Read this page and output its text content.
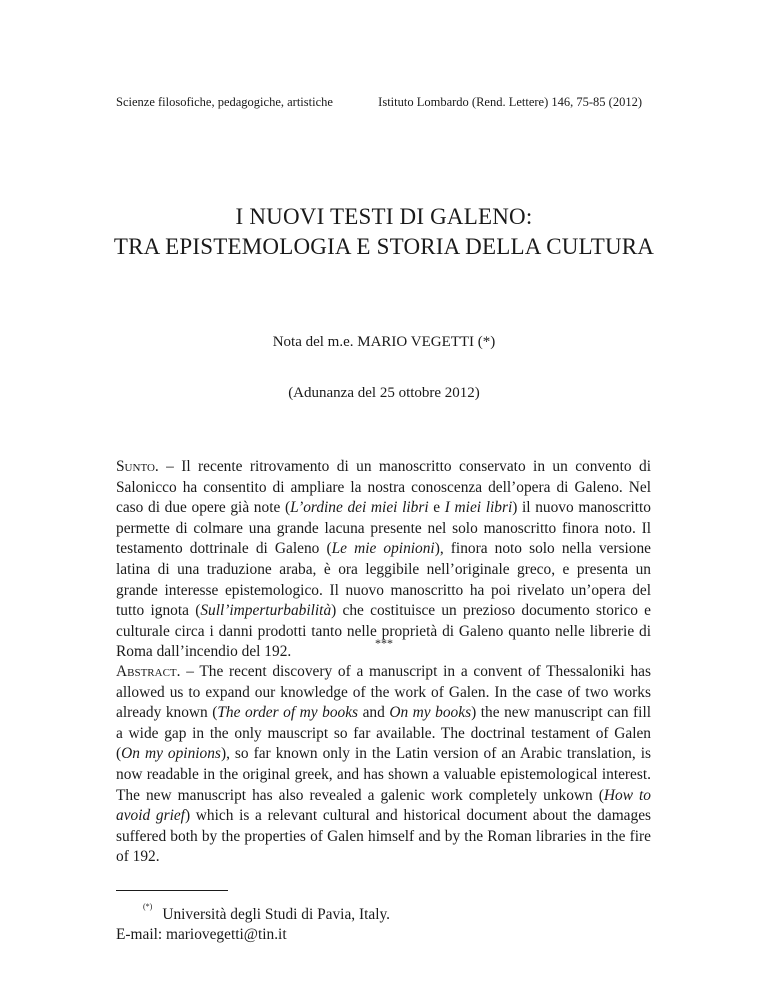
Scienze filosofiche, pedagogiche, artistiche	Istituto Lombardo (Rend. Lettere) 146, 75-85 (2012)
I NUOVI TESTI DI GALENO:
TRA EPISTEMOLOGIA E STORIA DELLA CULTURA
Nota del m.e. MARIO VEGETTI (*)
(Adunanza del 25 ottobre 2012)
Sunto. – Il recente ritrovamento di un manoscritto conservato in un convento di Salonicco ha consentito di ampliare la nostra conoscenza dell’opera di Galeno. Nel caso di due opere già note (L’ordine dei miei libri e I miei libri) il nuovo manoscritto permette di colmare una grande lacuna presente nel solo manoscritto finora noto. Il testamento dottrinale di Galeno (Le mie opinioni), finora noto solo nella versione latina di una traduzione araba, è ora leggibile nell’originale greco, e presenta un grande interesse epistemologico. Il nuovo manoscritto ha poi rivelato un’opera del tutto ignota (Sull’imperturbabilità) che costituisce un prezioso documento storico e culturale circa i danni prodotti tanto nelle proprietà di Galeno quanto nelle librerie di Roma dall’incendio del 192.
***
Abstract. – The recent discovery of a manuscript in a convent of Thessaloniki has allowed us to expand our knowledge of the work of Galen. In the case of two works already known (The order of my books and On my books) the new manuscript can fill a wide gap in the only mauscript so far available. The doctrinal testament of Galen (On my opinions), so far known only in the Latin version of an Arabic translation, is now readable in the original greek, and has shown a valuable epistemological interest. The new manuscript has also revealed a galenic work completely unkown (How to avoid grief) which is a relevant cultural and historical document about the damages suffered both by the properties of Galen himself and by the Roman libraries in the fire of 192.
(*) Università degli Studi di Pavia, Italy.
E-mail: mariovegetti@tin.it
